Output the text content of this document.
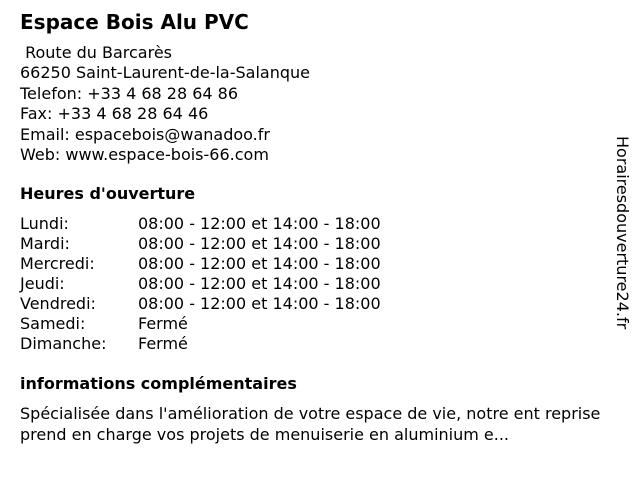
Espace Bois Alu PVC
Route du Barcarès
66250 Saint-Laurent-de-la-Salanque
Telefon: +33 4 68 28 64 86
Fax: +33 4 68 28 64 46
Email: espacebois@wanadoo.fr
Web: www.espace-bois-66.com
Heures d'ouverture
Lundi:	08:00 - 12:00 et 14:00 - 18:00
Mardi:	08:00 - 12:00 et 14:00 - 18:00
Mercredi:	08:00 - 12:00 et 14:00 - 18:00
Jeudi:	08:00 - 12:00 et 14:00 - 18:00
Vendredi:	08:00 - 12:00 et 14:00 - 18:00
Samedi:	Fermé
Dimanche: Fermé
informations complémentaires
Spécialisée dans l'amélioration de votre espace de vie, notre ent reprise prend en charge vos projets de menuiserie en aluminium e...
Horairesdouverture24.fr
